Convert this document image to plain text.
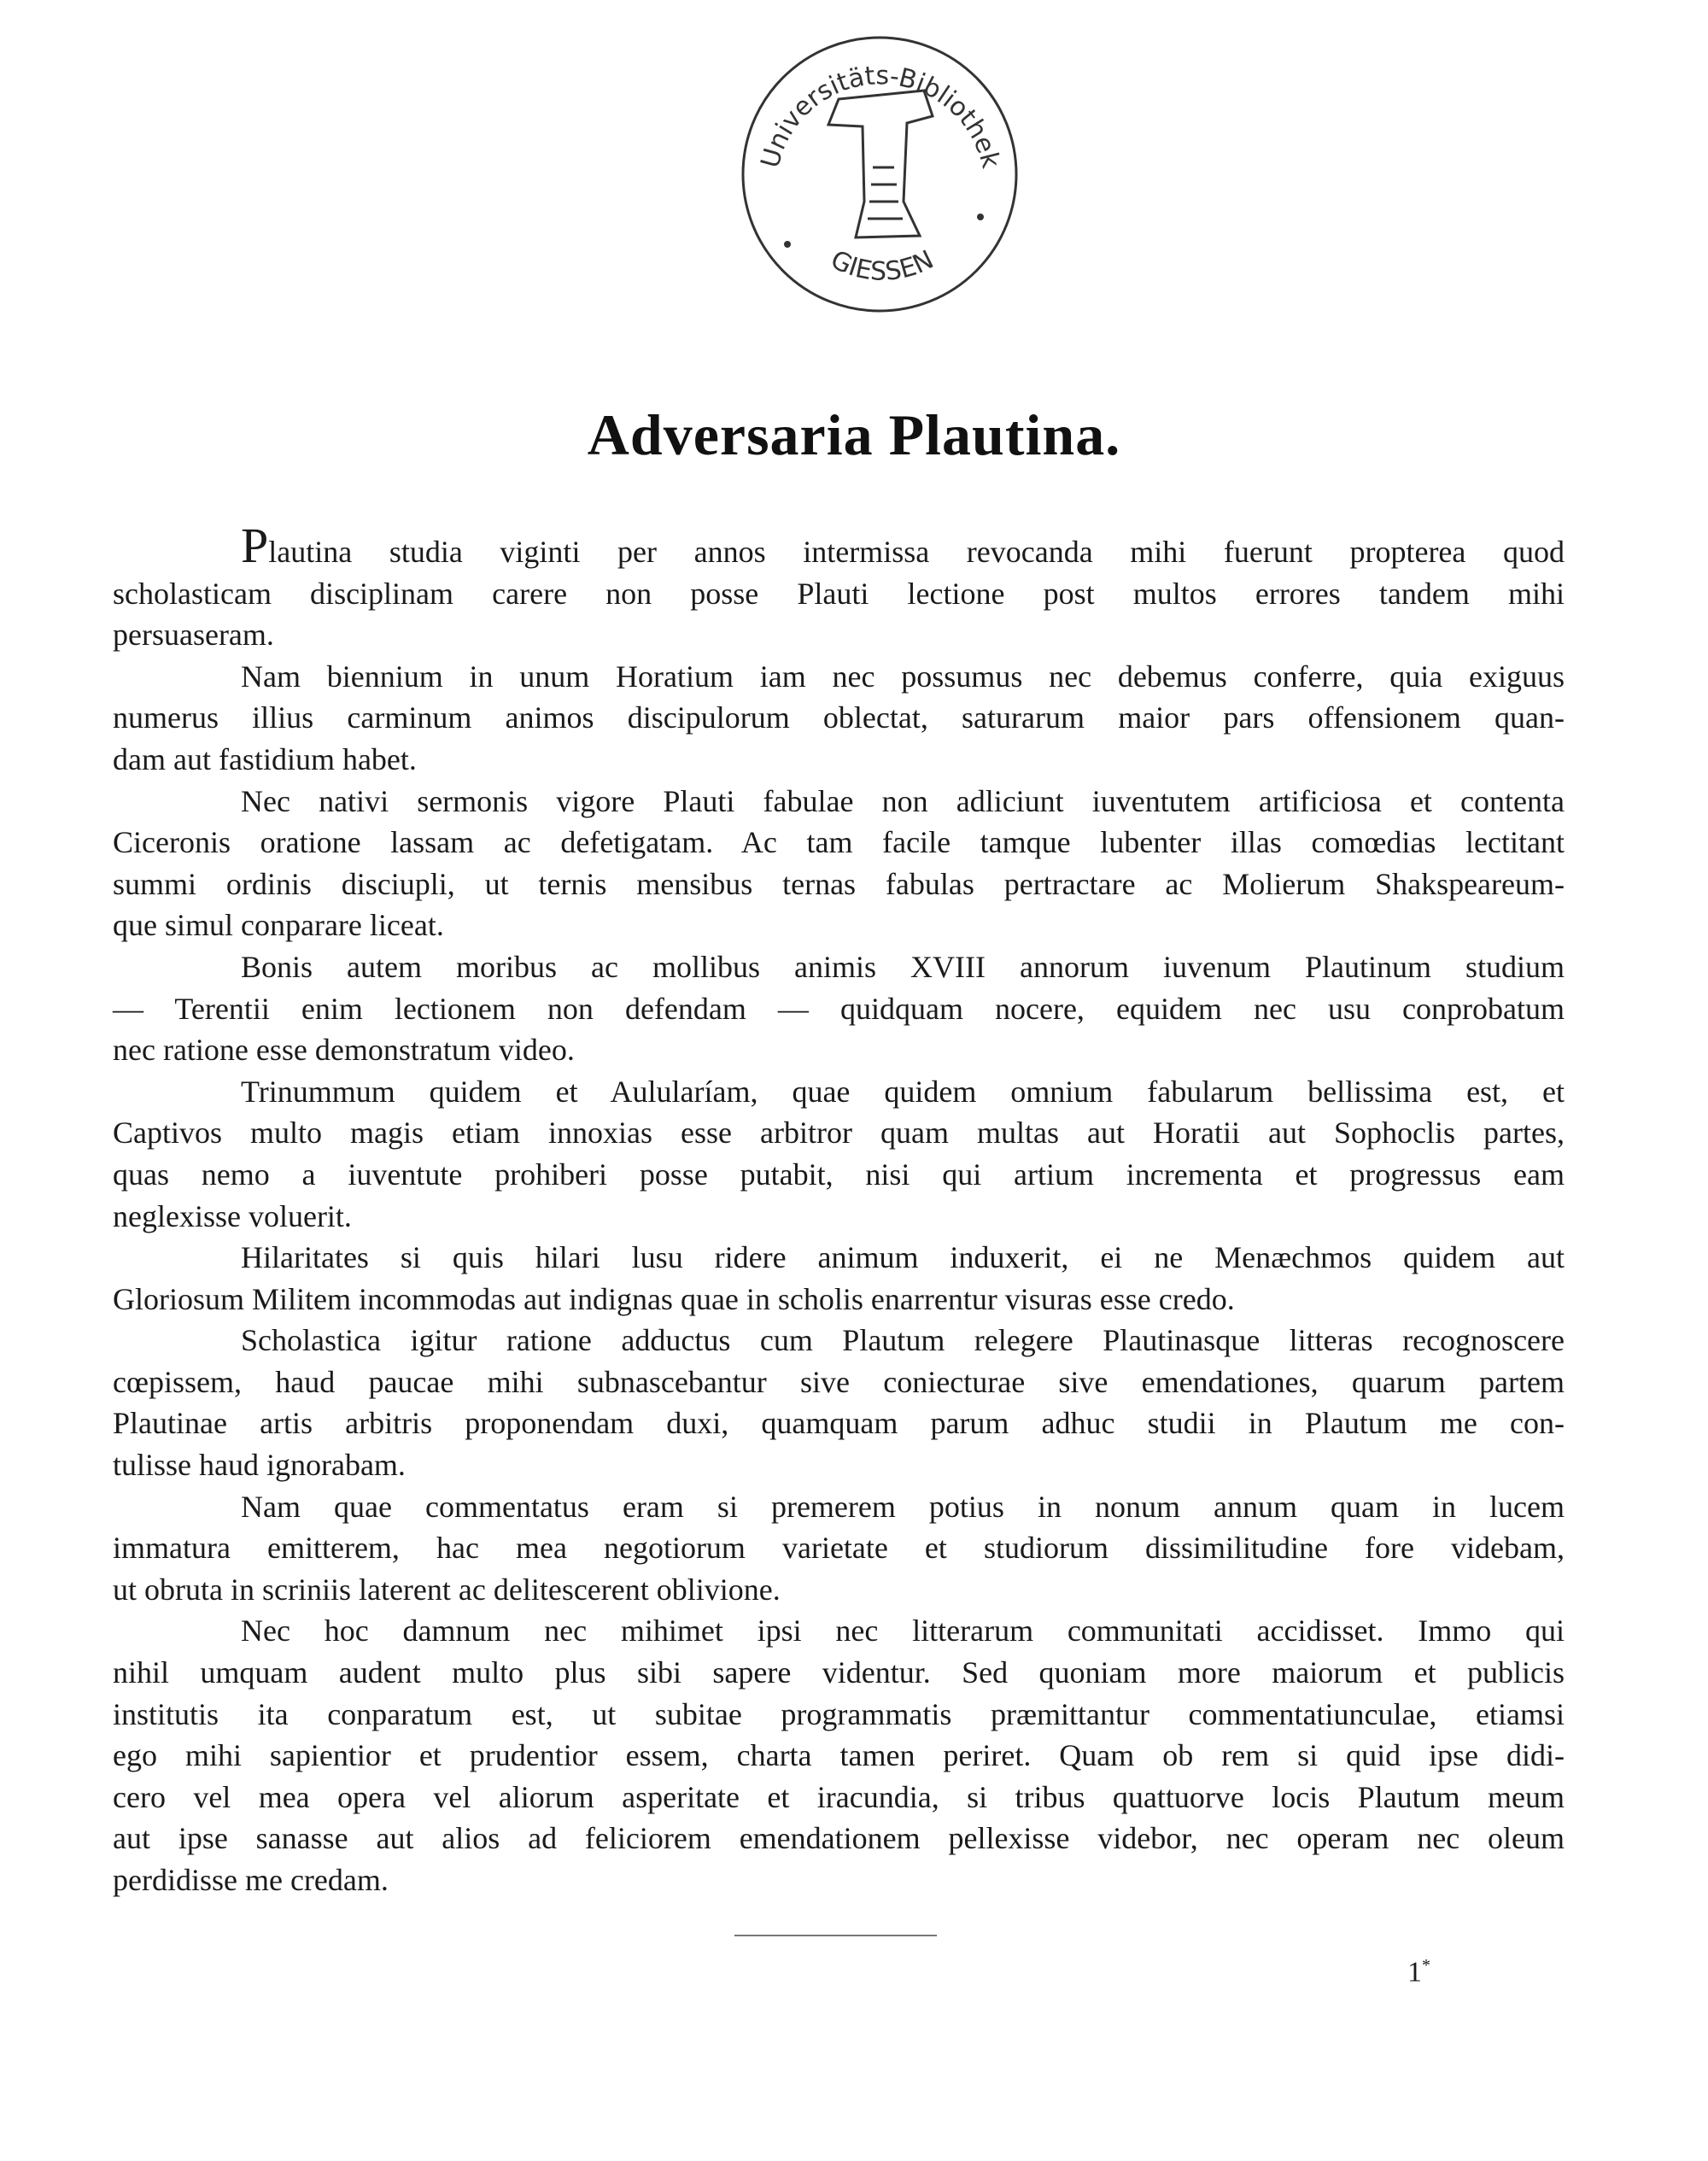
Universitäts-Bibliothek
GIESSEN
Adversaria Plautina.
Plautina studia viginti per annos intermissa revocanda mihi fuerunt propterea quod
scholasticam disciplinam carere non posse Plauti lectione post multos errores tandem mihi
persuaseram.
Nam biennium in unum Horatium iam nec possumus nec debemus conferre, quia exiguus
numerus illius carminum animos discipulorum oblectat, saturarum maior pars offensionem quan-
dam aut fastidium habet.
Nec nativi sermonis vigore Plauti fabulae non adliciunt iuventutem artificiosa et contenta
Ciceronis oratione lassam ac defetigatam. Ac tam facile tamque lubenter illas comœdias lectitant
summi ordinis disciupli, ut ternis mensibus ternas fabulas pertractare ac Molierum Shakspeareum-
que simul conparare liceat.
Bonis autem moribus ac mollibus animis XVIII annorum iuvenum Plautinum studium
— Terentii enim lectionem non defendam — quidquam nocere, equidem nec usu conprobatum
nec ratione esse demonstratum video.
Trinummum quidem et Aulularíam, quae quidem omnium fabularum bellissima est, et
Captivos multo magis etiam innoxias esse arbitror quam multas aut Horatii aut Sophoclis partes,
quas nemo a iuventute prohiberi posse putabit, nisi qui artium incrementa et progressus eam
neglexisse voluerit.
Hilaritates si quis hilari lusu ridere animum induxerit, ei ne Menæchmos quidem aut
Gloriosum Militem incommodas aut indignas quae in scholis enarrentur visuras esse credo.
Scholastica igitur ratione adductus cum Plautum relegere Plautinasque litteras recognoscere
cœpissem, haud paucae mihi subnascebantur sive coniecturae sive emendationes, quarum partem
Plautinae artis arbitris proponendam duxi, quamquam parum adhuc studii in Plautum me con-
tulisse haud ignorabam.
Nam quae commentatus eram si premerem potius in nonum annum quam in lucem
immatura emitterem, hac mea negotiorum varietate et studiorum dissimilitudine fore videbam,
ut obruta in scriniis laterent ac delitescerent oblivione.
Nec hoc damnum nec mihimet ipsi nec litterarum communitati accidisset. Immo qui
nihil umquam audent multo plus sibi sapere videntur. Sed quoniam more maiorum et publicis
institutis ita conparatum est, ut subitae programmatis præmittantur commentatiunculae, etiamsi
ego mihi sapientior et prudentior essem, charta tamen periret. Quam ob rem si quid ipse didi-
cero vel mea opera vel aliorum asperitate et iracundia, si tribus quattuorve locis Plautum meum
aut ipse sanasse aut alios ad feliciorem emendationem pellexisse videbor, nec operam nec oleum
perdidisse me credam.
1*
